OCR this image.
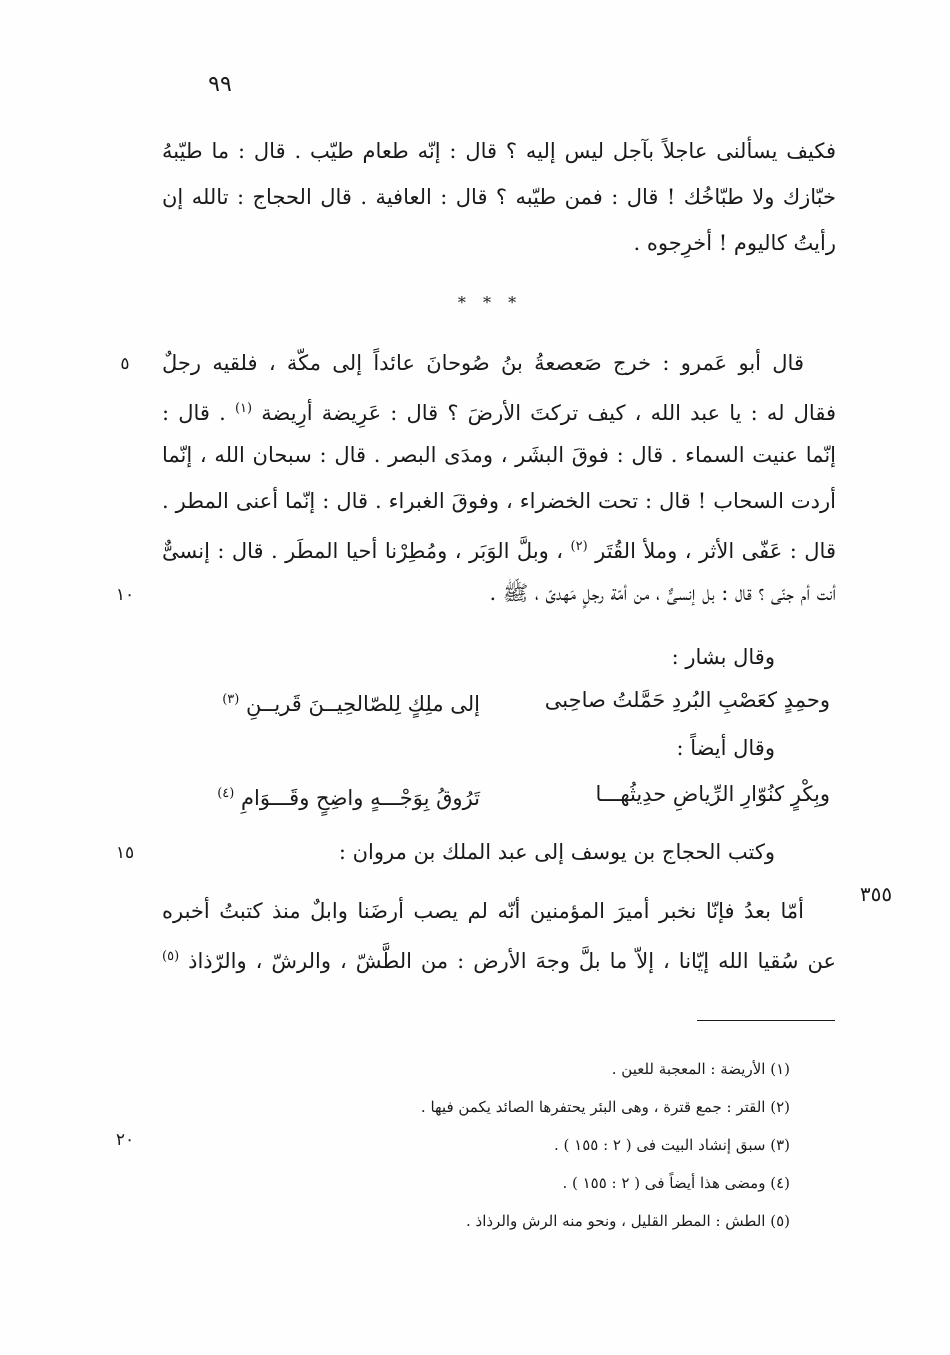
٩٩
فكيف يسألنى عاجلاً بآجل ليس إليه ؟ قال : إنّه طعام طيّب . قال : ما طيّبهُ
خبّازك ولا طبّاخُك ! قال : فمن طيّبه ؟ قال : العافية . قال الحجاج : تالله إن
رأيتُ كاليوم ! أخرِجوه .
* * *
قال أبو عَمرو : خرج صَعصعةُ بنُ صُوحانَ عائداً إلى مكّة ، فلقيه رجلٌ
فقال له : يا عبد الله ، كيف تركتَ الأرضَ ؟ قال : عَرِيضة أرِيضة $^{(١)}$ . قال :
إنّما عنيت السماء . قال : فوقَ البشَر ، ومدَى البصر . قال : سبحان الله ، إنّما
أردت السحاب ! قال : تحت الخضراء ، وفوقَ الغبراء . قال : إنّما أعنى المطر .
قال : عَفّى الأثر ، وملأ القُتَر $^{(٢)}$ ، وبلَّ الوَبَر ، ومُطِرْنا أحيا المطَر . قال : إنسىٌّ
أنت أم جنّى ؟ قال : بل إنسىٌّ ، من أمّة رجلٍ مَهدىّ ، ﷺ .
٥
١٠
١٥
٢٠
وقال بشار :
وحمِدٍ كعَصْبِ البُردِ حَمَّلتُ صاحِبى
إلى ملِكٍ لِلصّالحِيــنَ قَريــنِ $^{(٣)}$
وقال أيضاً :
وبِكْرٍ كنُوّارِ الرِّياضِ حدِيثُهـــا
تَرُوقُ بِوَجْـــهٍ واضِحٍ وقَـــوَامِ $^{(٤)}$
وكتب الحجاج بن يوسف إلى عبد الملك بن مروان :
٣٥٥
أمّا بعدُ فإنّا نخبر أميرَ المؤمنين أنّه لم يصب أرضَنا وابلٌ منذ كتبتُ أخبره
عن سُقيا الله إيّانا ، إلاّ ما بلَّ وجهَ الأرض : من الطَّشّ ، والرشّ ، والرّذاذ $^{(٥)}$
(١) الأريضة : المعجبة للعين .
(٢) القتر : جمع قترة ، وهى البئر يحتفرها الصائد يكمن فيها .
(٣) سبق إنشاد البيت فى ( ٢ : ١٥٥ ) .
(٤) ومضى هذا أيضاً فى ( ٢ : ١٥٥ ) .
(٥) الطش : المطر القليل ، ونحو منه الرش والرذاذ .
